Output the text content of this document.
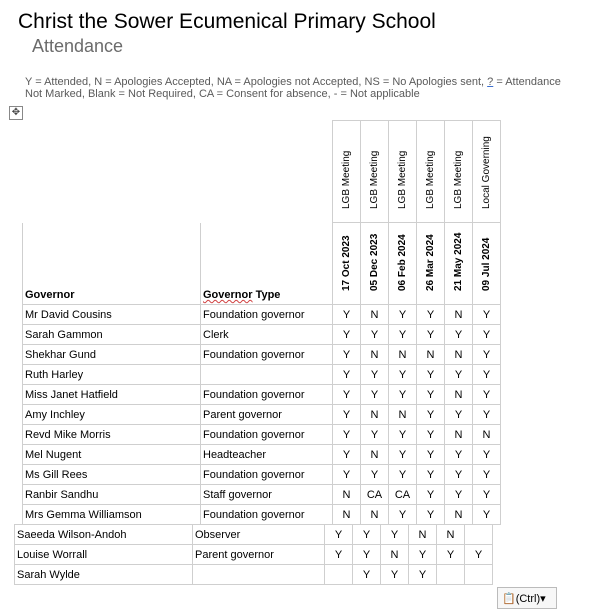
Christ the Sower Ecumenical Primary School
Attendance
Y = Attended, N = Apologies Accepted, NA = Apologies not Accepted, NS = No Apologies sent, ? = Attendance Not Marked, Blank = Not Required, CA = Consent for absence, - = Not applicable
✥

		LGB Meeting	LGB Meeting	LGB Meeting	LGB Meeting	LGB Meeting	Local Governing

Governor	Governor Type	17 Oct 2023	05 Dec 2023	06 Feb 2024	26 Mar 2024	21 May 2024	09 Jul 2024

Mr David Cousins	Foundation governor	Y	N	Y	Y	N	Y
Sarah Gammon	Clerk	Y	Y	Y	Y	Y	Y
Shekhar Gund	Foundation governor	Y	N	N	N	N	Y
Ruth Harley		Y	Y	Y	Y	Y	Y
Miss Janet Hatfield	Foundation governor	Y	Y	Y	Y	N	Y
Amy Inchley	Parent governor	Y	N	N	Y	Y	Y
Revd Mike Morris	Foundation governor	Y	Y	Y	Y	N	N
Mel Nugent	Headteacher	Y	N	Y	Y	Y	Y
Ms Gill Rees	Foundation governor	Y	Y	Y	Y	Y	Y
Ranbir Sandhu	Staff governor	N	CA	CA	Y	Y	Y
Mrs Gemma Williamson	Foundation governor	N	N	Y	Y	N	Y
Saeeda Wilson-Andoh	Observer	Y	Y	Y	N	N	
Louise Worrall	Parent governor	Y	Y	N	Y	Y	Y
Sarah Wylde			Y	Y	Y		
📋(Ctrl)▾
